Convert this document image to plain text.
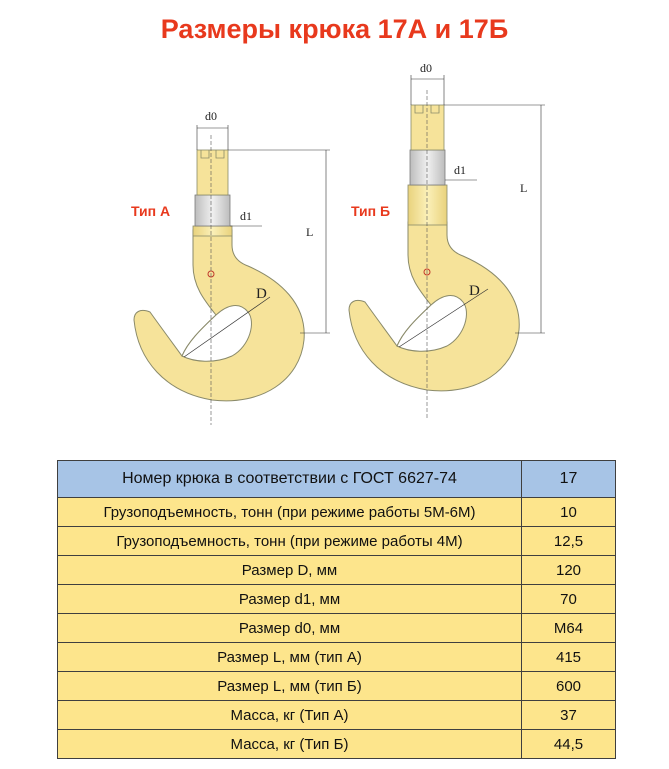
Размеры крюка 17А и 17Б
d0
d1
L
d0
d1
L
D	D
Тип А	Тип Б
Номер крюка в соответствии с ГОСТ 6627-74	17
Грузоподъемность, тонн (при режиме работы 5М-6М)	10
Грузоподъемность, тонн (при режиме работы 4М)	12,5
Размер D, мм	120
Размер d1, мм	70
Размер d0, мм	М64
Размер L, мм (тип А)	415
Размер L, мм (тип Б)	600
Масса, кг (Тип А)	37
Масса, кг (Тип Б)	44,5
